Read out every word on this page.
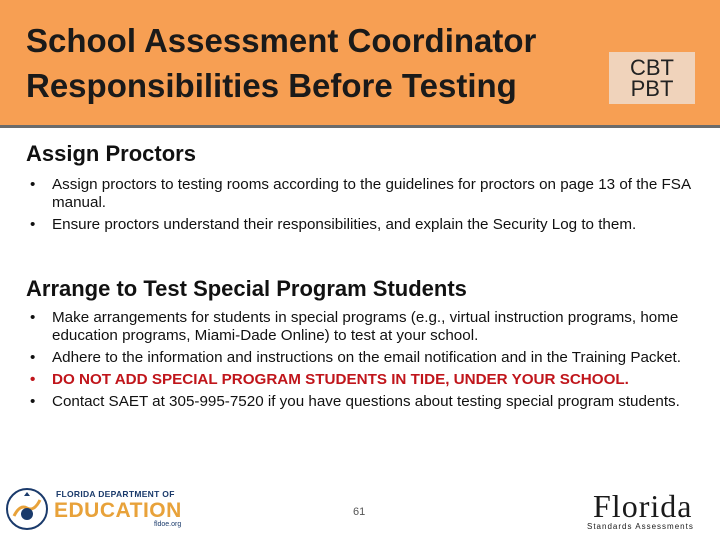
School Assessment Coordinator
Responsibilities Before Testing	CBT
PBT
Assign Proctors
• Assign proctors to testing rooms according to the guidelines for proctors on page 13 of the FSA manual.
• Ensure proctors understand their responsibilities, and explain the Security Log to them.
Arrange to Test Special Program Students
• Make arrangements for students in special programs (e.g., virtual instruction programs, home education programs, Miami-Dade Online) to test at your school.
• Adhere to the information and instructions on the email notification and in the Training Packet.
• DO NOT ADD SPECIAL PROGRAM STUDENTS IN TIDE, UNDER YOUR SCHOOL.
• Contact SAET at 305-995-7520 if you have questions about testing special program students.
FLORIDA DEPARTMENT OF
EDUCATION
fldoe.org
61	Florida
Standards Assessments
